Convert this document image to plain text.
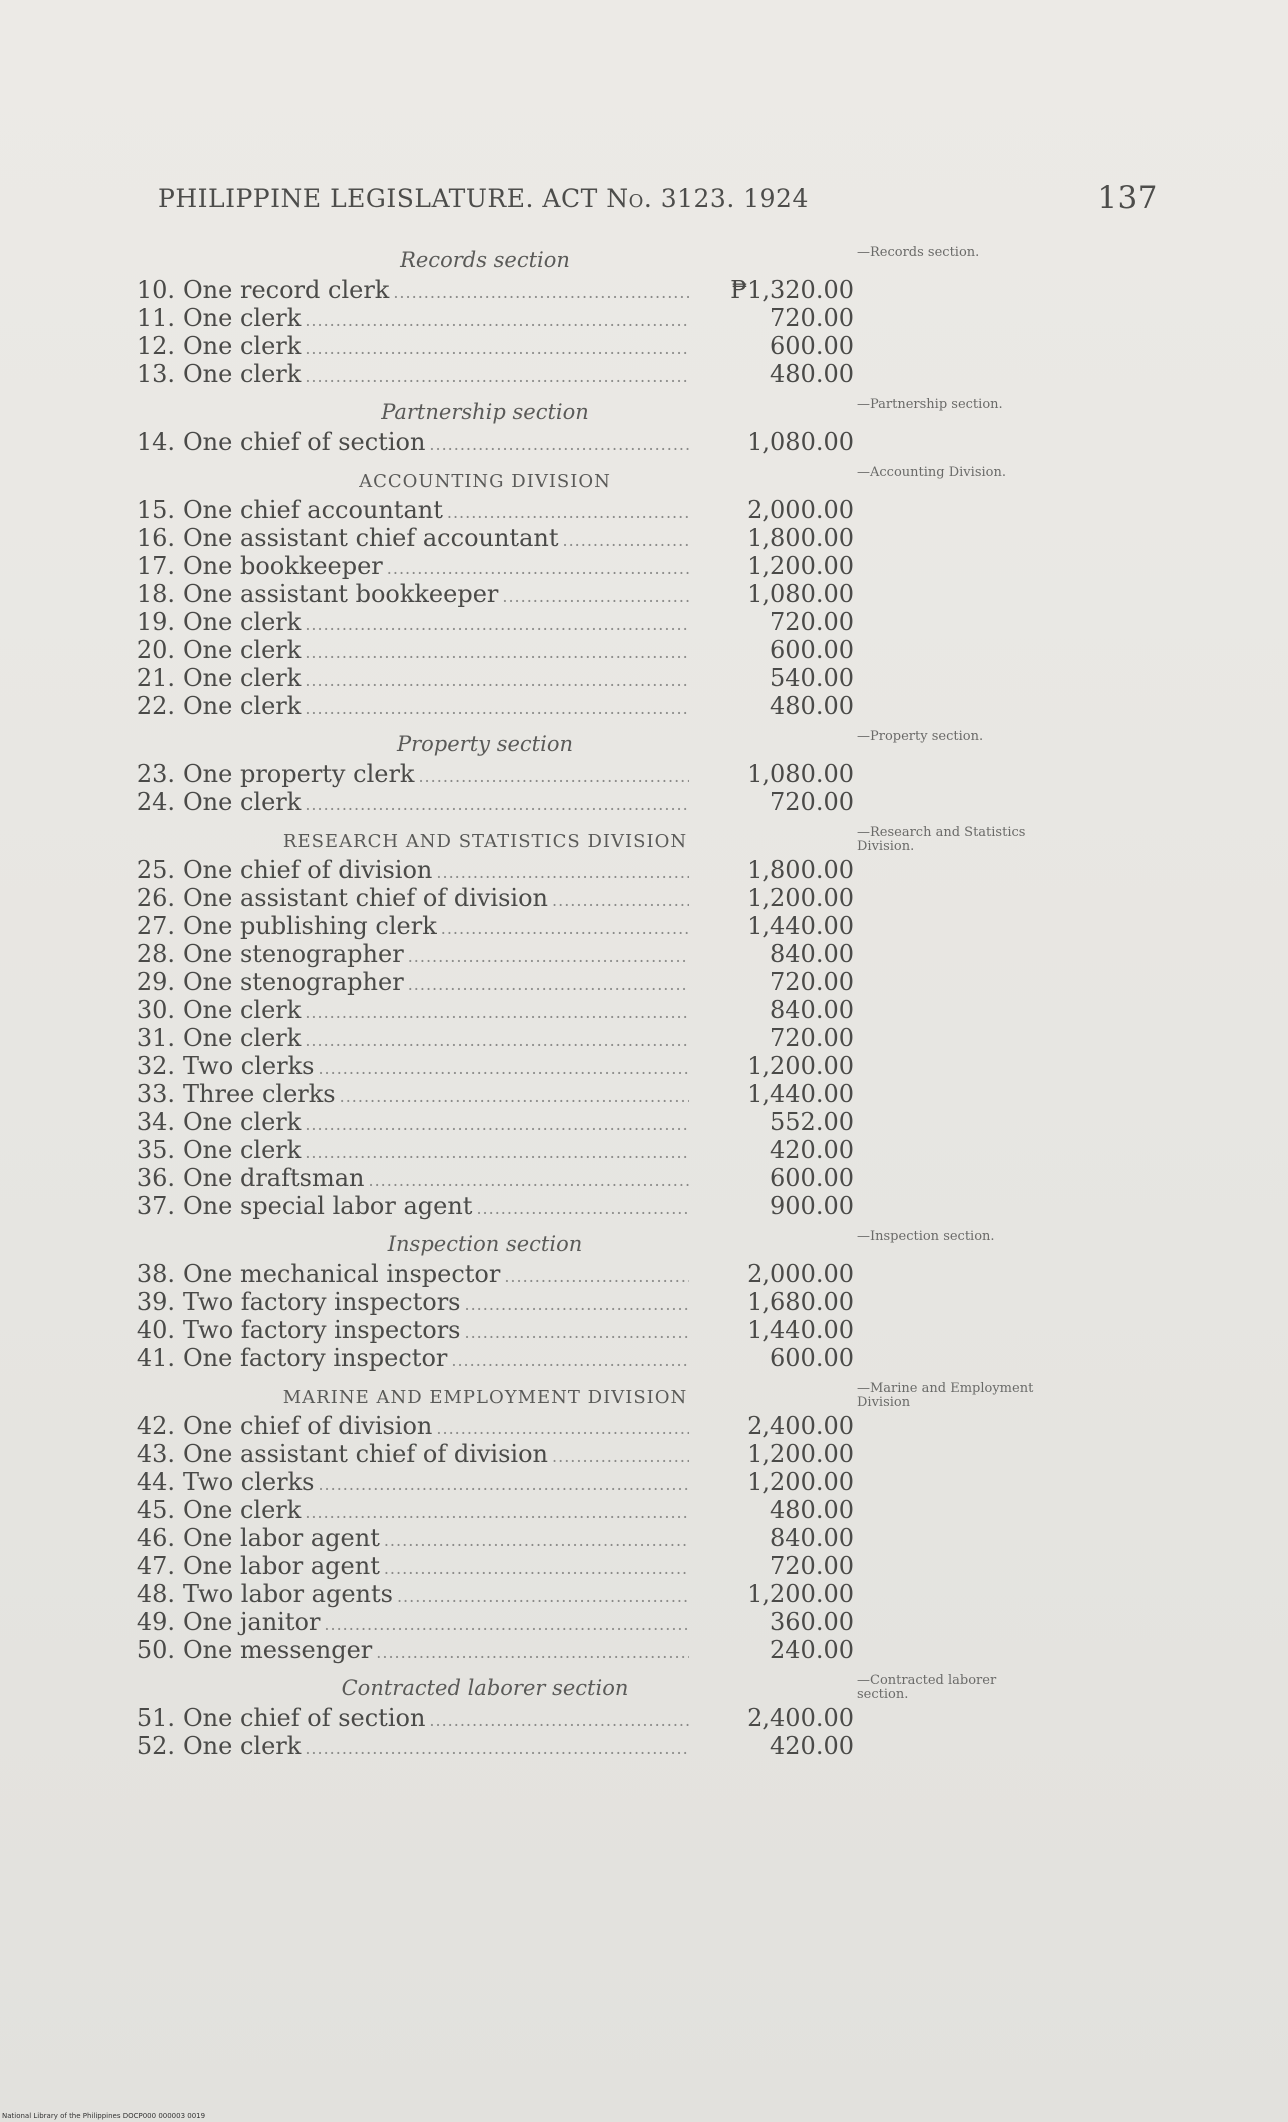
PHILIPPINE LEGISLATURE. ACT No. 3123. 1924	137
Records section	—Records section.
10. One record clerk .....	₱1,320.00
11. One clerk .....	720.00
12. One clerk .....	600.00
13. One clerk .....	480.00
Partnership section	—Partnership section.
14. One chief of section .....	1,080.00
ACCOUNTING DIVISION	—Accounting Division.
15. One chief accountant .....	2,000.00
16. One assistant chief accountant .....	1,800.00
17. One bookkeeper .....	1,200.00
18. One assistant bookkeeper .....	1,080.00
19. One clerk .....	720.00
20. One clerk .....	600.00
21. One clerk .....	540.00
22. One clerk .....	480.00
Property section	—Property section.
23. One property clerk .....	1,080.00
24. One clerk .....	720.00
RESEARCH AND STATISTICS DIVISION	—Research and Statistics Division.
25. One chief of division .....	1,800.00
26. One assistant chief of division .....	1,200.00
27. One publishing clerk .....	1,440.00
28. One stenographer .....	840.00
29. One stenographer .....	720.00
30. One clerk .....	840.00
31. One clerk .....	720.00
32. Two clerks .....	1,200.00
33. Three clerks .....	1,440.00
34. One clerk .....	552.00
35. One clerk .....	420.00
36. One draftsman .....	600.00
37. One special labor agent .....	900.00
Inspection section	—Inspection section.
38. One mechanical inspector .....	2,000.00
39. Two factory inspectors .....	1,680.00
40. Two factory inspectors .....	1,440.00
41. One factory inspector .....	600.00
MARINE AND EMPLOYMENT DIVISION	—Marine and Employment Division
42. One chief of division .....	2,400.00
43. One assistant chief of division .....	1,200.00
44. Two clerks .....	1,200.00
45. One clerk .....	480.00
46. One labor agent .....	840.00
47. One labor agent .....	720.00
48. Two labor agents .....	1,200.00
49. One janitor .....	360.00
50. One messenger .....	240.00
Contracted laborer section	—Contracted laborer section.
51. One chief of section .....	2,400.00
52. One clerk .....	420.00
National Library of the Philippines DOCP000 000003 0019
